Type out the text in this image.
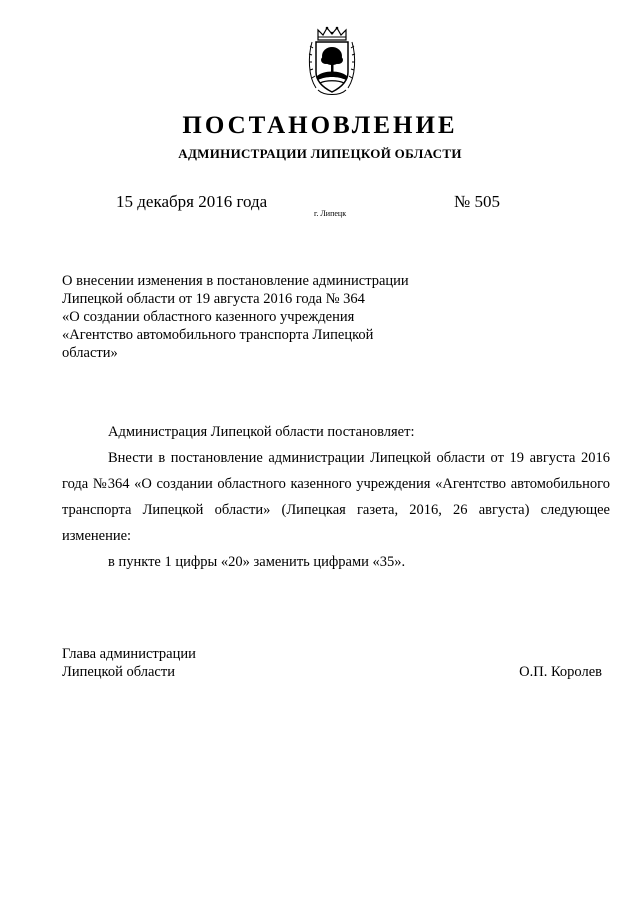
ПОСТАНОВЛЕНИЕ
АДМИНИСТРАЦИИ ЛИПЕЦКОЙ ОБЛАСТИ
15 декабря 2016 года
г. Липецк
№ 505
О внесении изменения в постановление администрации
Липецкой области от 19 августа 2016 года № 364
«О создании областного казенного учреждения
«Агентство автомобильного транспорта Липецкой
области»

Администрация Липецкой области постановляет:

Внести в постановление администрации Липецкой области от 19 августа 2016 года №364 «О создании областного казенного учреждения «Агентство автомобильного транспорта Липецкой области» (Липецкая газета, 2016, 26 августа) следующее изменение:

в пункте 1 цифры «20» заменить цифрами «35».

Глава администрации
Липецкой области	О.П. Королев
